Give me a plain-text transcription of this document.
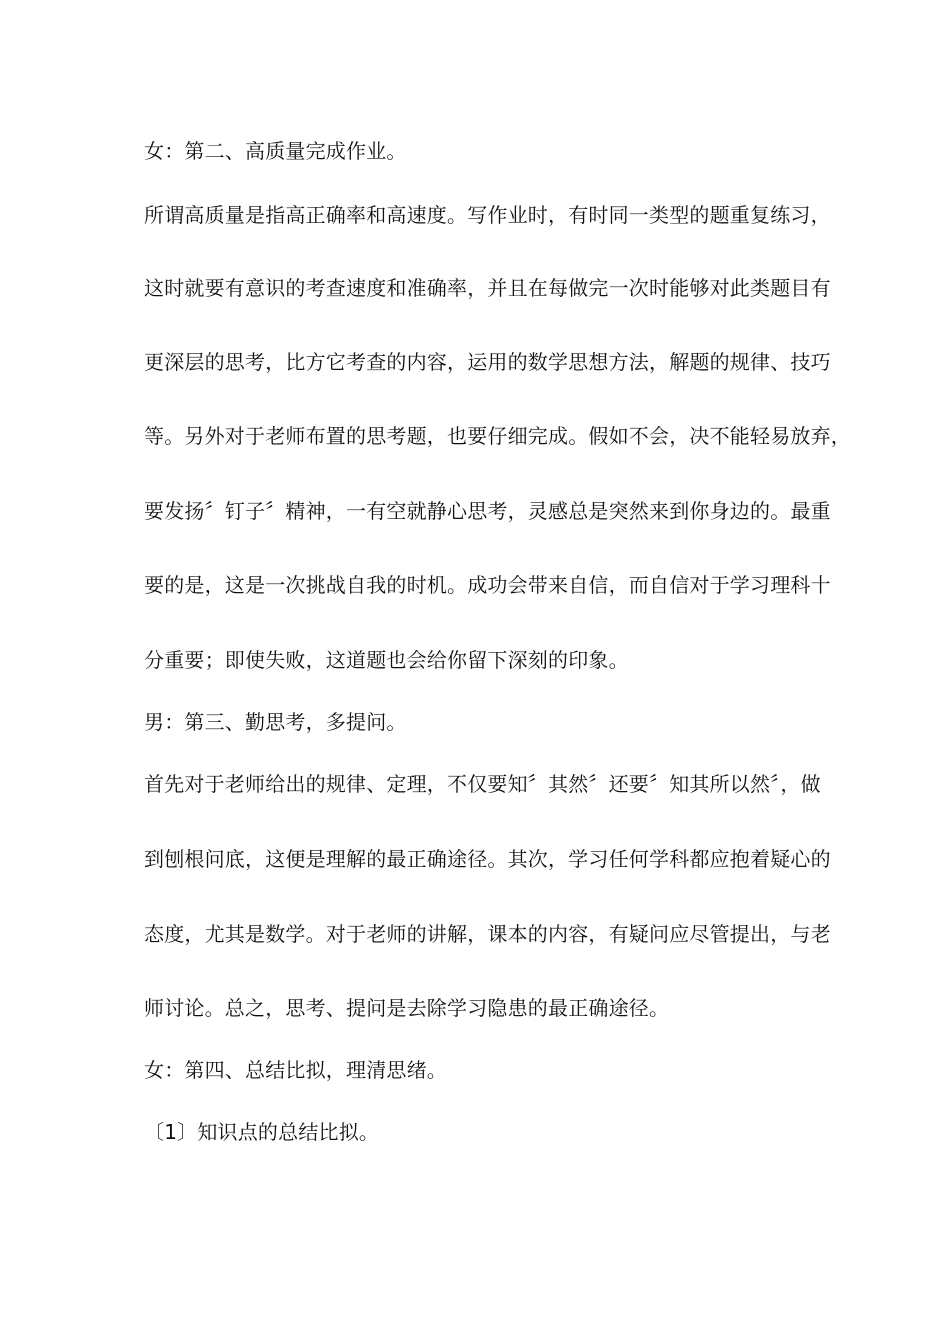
女：第二、高质量完成作业。
所谓高质量是指高正确率和高速度。写作业时，有时同一类型的题重复练习，
这时就要有意识的考查速度和准确率，并且在每做完一次时能够对此类题目有
更深层的思考，比方它考查的内容，运用的数学思想方法，解题的规律、技巧
等。另外对于老师布置的思考题，也要仔细完成。假如不会，决不能轻易放弃，
要发扬〞钉子〞精神，一有空就静心思考，灵感总是突然来到你身边的。最重
要的是，这是一次挑战自我的时机。成功会带来自信，而自信对于学习理科十
分重要；即使失败，这道题也会给你留下深刻的印象。
男：第三、勤思考，多提问。
首先对于老师给出的规律、定理，不仅要知〞其然〞还要〞知其所以然〞，做
到刨根问底，这便是理解的最正确途径。其次，学习任何学科都应抱着疑心的
态度，尤其是数学。对于老师的讲解，课本的内容，有疑问应尽管提出，与老
师讨论。总之，思考、提问是去除学习隐患的最正确途径。
女：第四、总结比拟，理清思绪。
〔1〕知识点的总结比拟。
